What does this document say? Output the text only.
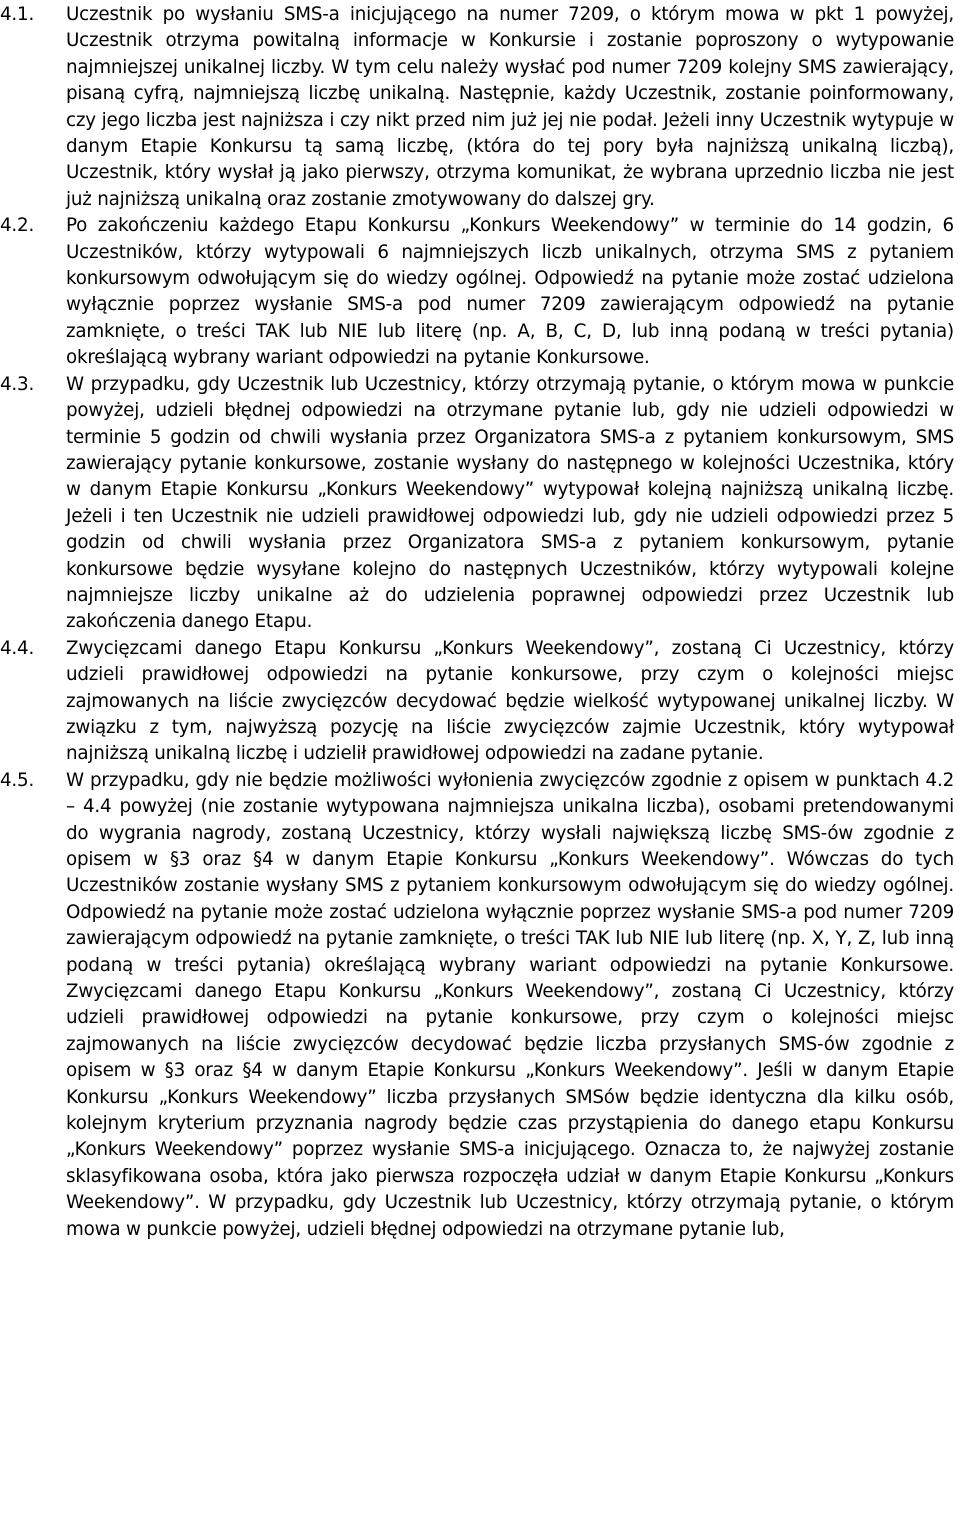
4.1. Uczestnik po wysłaniu SMS-a inicjującego na numer 7209, o którym mowa w pkt 1 powyżej, Uczestnik otrzyma powitalną informacje w Konkursie i zostanie poproszony o wytypowanie najmniejszej unikalnej liczby. W tym celu należy wysłać pod numer 7209 kolejny SMS zawierający, pisaną cyfrą, najmniejszą liczbę unikalną. Następnie, każdy Uczestnik, zostanie poinformowany, czy jego liczba jest najniższa i czy nikt przed nim już jej nie podał. Jeżeli inny Uczestnik wytypuje w danym Etapie Konkursu tą samą liczbę, (która do tej pory była najniższą unikalną liczbą), Uczestnik, który wysłał ją jako pierwszy, otrzyma komunikat, że wybrana uprzednio liczba nie jest już najniższą unikalną oraz zostanie zmotywowany do dalszej gry.
4.2. Po zakończeniu każdego Etapu Konkursu „Konkurs Weekendowy” w terminie do 14 godzin, 6 Uczestników, którzy wytypowali 6 najmniejszych liczb unikalnych, otrzyma SMS z pytaniem konkursowym odwołującym się do wiedzy ogólnej. Odpowiedź na pytanie może zostać udzielona wyłącznie poprzez wysłanie SMS-a pod numer 7209 zawierającym odpowiedź na pytanie zamknięte, o treści TAK lub NIE lub literę (np. A, B, C, D, lub inną podaną w treści pytania) określającą wybrany wariant odpowiedzi na pytanie Konkursowe.
4.3. W przypadku, gdy Uczestnik lub Uczestnicy, którzy otrzymają pytanie, o którym mowa w punkcie powyżej, udzieli błędnej odpowiedzi na otrzymane pytanie lub, gdy nie udzieli odpowiedzi w terminie 5 godzin od chwili wysłania przez Organizatora SMS-a z pytaniem konkursowym, SMS zawierający pytanie konkursowe, zostanie wysłany do następnego w kolejności Uczestnika, który w danym Etapie Konkursu „Konkurs Weekendowy” wytypował kolejną najniższą unikalną liczbę. Jeżeli i ten Uczestnik nie udzieli prawidłowej odpowiedzi lub, gdy nie udzieli odpowiedzi przez 5 godzin od chwili wysłania przez Organizatora SMS-a z pytaniem konkursowym, pytanie konkursowe będzie wysyłane kolejno do następnych Uczestników, którzy wytypowali kolejne najmniejsze liczby unikalne aż do udzielenia poprawnej odpowiedzi przez Uczestnik lub zakończenia danego Etapu.
4.4. Zwycięzcami danego Etapu Konkursu „Konkurs Weekendowy”, zostaną Ci Uczestnicy, którzy udzieli prawidłowej odpowiedzi na pytanie konkursowe, przy czym o kolejności miejsc zajmowanych na liście zwycięzców decydować będzie wielkość wytypowanej unikalnej liczby. W związku z tym, najwyższą pozycję na liście zwycięzców zajmie Uczestnik, który wytypował najniższą unikalną liczbę i udzielił prawidłowej odpowiedzi na zadane pytanie.
4.5. W przypadku, gdy nie będzie możliwości wyłonienia zwycięzców zgodnie z opisem w punktach 4.2 – 4.4 powyżej (nie zostanie wytypowana najmniejsza unikalna liczba), osobami pretendowanymi do wygrania nagrody, zostaną Uczestnicy, którzy wysłali największą liczbę SMS-ów zgodnie z opisem w §3 oraz §4 w danym Etapie Konkursu „Konkurs Weekendowy”. Wówczas do tych Uczestników zostanie wysłany SMS z pytaniem konkursowym odwołującym się do wiedzy ogólnej. Odpowiedź na pytanie może zostać udzielona wyłącznie poprzez wysłanie SMS-a pod numer 7209 zawierającym odpowiedź na pytanie zamknięte, o treści TAK lub NIE lub literę (np. X, Y, Z, lub inną podaną w treści pytania) określającą wybrany wariant odpowiedzi na pytanie Konkursowe. Zwycięzcami danego Etapu Konkursu „Konkurs Weekendowy”, zostaną Ci Uczestnicy, którzy udzieli prawidłowej odpowiedzi na pytanie konkursowe, przy czym o kolejności miejsc zajmowanych na liście zwycięzców decydować będzie liczba przysłanych SMS-ów zgodnie z opisem w §3 oraz §4 w danym Etapie Konkursu „Konkurs Weekendowy”. Jeśli w danym Etapie Konkursu „Konkurs Weekendowy” liczba przysłanych SMSów będzie identyczna dla kilku osób, kolejnym kryterium przyznania nagrody będzie czas przystąpienia do danego etapu Konkursu „Konkurs Weekendowy” poprzez wysłanie SMS-a inicjującego. Oznacza to, że najwyżej zostanie sklasyfikowana osoba, która jako pierwsza rozpoczęła udział w danym Etapie Konkursu „Konkurs Weekendowy”. W przypadku, gdy Uczestnik lub Uczestnicy, którzy otrzymają pytanie, o którym mowa w punkcie powyżej, udzieli błędnej odpowiedzi na otrzymane pytanie lub,
